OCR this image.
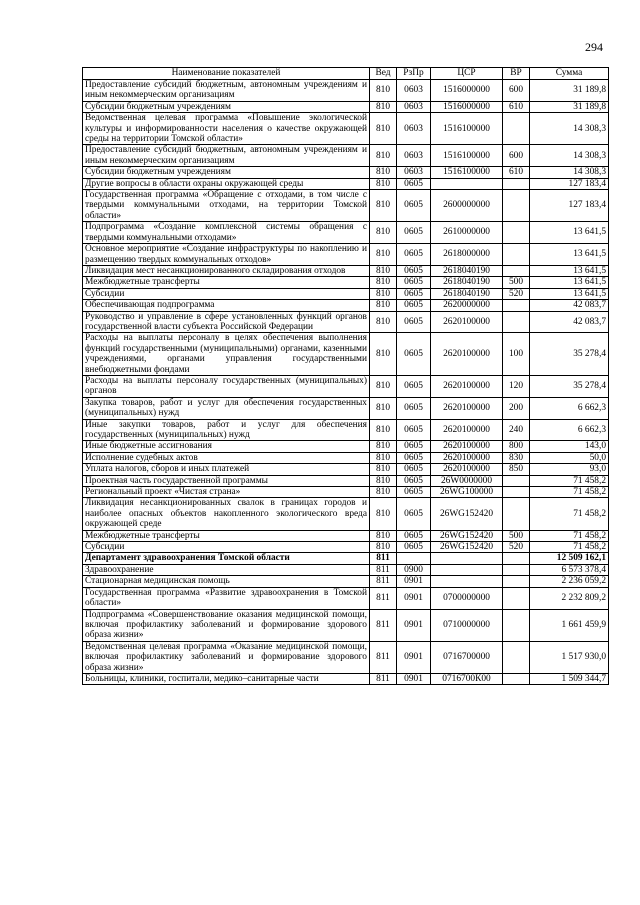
294
Наименование показателей	Вед	РзПр	ЦСР	ВР	Сумма
Предоставление субсидий бюджетным, автономным учреждениям и иным некоммерческим организациям	810	0603	1516000000	600	31 189,8
Субсидии бюджетным учреждениям	810	0603	1516000000	610	31 189,8
Ведомственная целевая программа «Повышение экологической культуры и информированности населения о качестве окружающей среды на территории Томской области»	810	0603	1516100000		14 308,3
Предоставление субсидий бюджетным, автономным учреждениям и иным некоммерческим организациям	810	0603	1516100000	600	14 308,3
Субсидии бюджетным учреждениям	810	0603	1516100000	610	14 308,3
Другие вопросы в области охраны окружающей среды	810	0605			127 183,4
Государственная программа «Обращение с отходами, в том числе с твердыми коммунальными отходами, на территории Томской области»	810	0605	2600000000		127 183,4
Подпрограмма «Создание комплексной системы обращения с твердыми коммунальными отходами»	810	0605	2610000000		13 641,5
Основное мероприятие «Создание инфраструктуры по накоплению и размещению твердых коммунальных отходов»	810	0605	2618000000		13 641,5
Ликвидация мест несанкционированного складирования отходов	810	0605	2618040190		13 641,5
Межбюджетные трансферты	810	0605	2618040190	500	13 641,5
Субсидии	810	0605	2618040190	520	13 641,5
Обеспечивающая подпрограмма	810	0605	2620000000		42 083,7
Руководство и управление в сфере установленных функций органов государственной власти субъекта Российской Федерации	810	0605	2620100000		42 083,7
Расходы на выплаты персоналу в целях обеспечения выполнения функций государственными (муниципальными) органами, казенными учреждениями, органами управления государственными внебюджетными фондами	810	0605	2620100000	100	35 278,4
Расходы на выплаты персоналу государственных (муниципальных) органов	810	0605	2620100000	120	35 278,4
Закупка товаров, работ и услуг для обеспечения государственных (муниципальных) нужд	810	0605	2620100000	200	6 662,3
Иные закупки товаров, работ и услуг для обеспечения государственных (муниципальных) нужд	810	0605	2620100000	240	6 662,3
Иные бюджетные ассигнования	810	0605	2620100000	800	143,0
Исполнение судебных актов	810	0605	2620100000	830	50,0
Уплата налогов, сборов и иных платежей	810	0605	2620100000	850	93,0
Проектная часть государственной программы	810	0605	26W0000000		71 458,2
Региональный проект «Чистая страна»	810	0605	26WG100000		71 458,2
Ликвидация несанкционированных свалок в границах городов и наиболее опасных объектов накопленного экологического вреда окружающей среде	810	0605	26WG152420		71 458,2
Межбюджетные трансферты	810	0605	26WG152420	500	71 458,2
Субсидии	810	0605	26WG152420	520	71 458,2
Департамент здравоохранения Томской области	811				12 509 162,1
Здравоохранение	811	0900			6 573 378,4
Стационарная медицинская помощь	811	0901			2 236 059,2
Государственная программа «Развитие здравоохранения в Томской области»	811	0901	0700000000		2 232 809,2
Подпрограмма «Совершенствование оказания медицинской помощи, включая профилактику заболеваний и формирование здорового образа жизни»	811	0901	0710000000		1 661 459,9
Ведомственная целевая программа «Оказание медицинской помощи, включая профилактику заболеваний и формирование здорового образа жизни»	811	0901	0716700000		1 517 930,0
Больницы, клиники, госпитали, медико–санитарные части	811	0901	0716700К00		1 509 344,7
